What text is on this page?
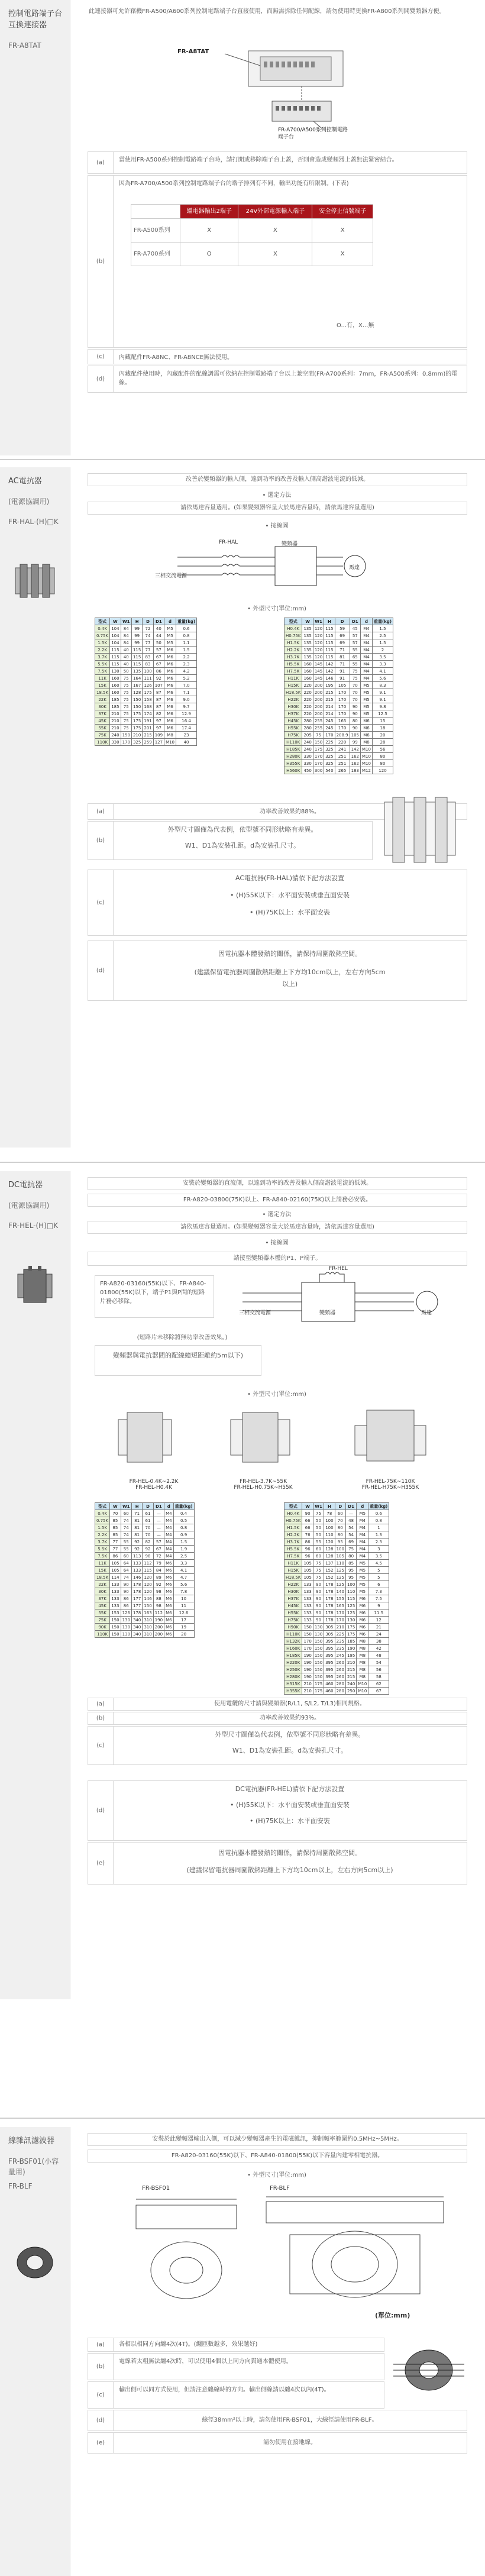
控制電路端子台互換連接器
FR-A8TAT
此連接器可允許藉機FR-A500/A600系列控制電路端子台直接使用，而無需拆除任何配線，請勿使用時更換FR-A800系列開變頻器方便。
FR-A8TAT
FR-A700/A500系列控制電路端子台
(a)	當使用FR-A500系列控制電路端子台時，請打開或移除端子台上蓋，否則會造成變頻器上蓋無法緊密結合。
(b)
因為FR-A700/A500系列控制電路端子台的端子排列有不同，輸出功能有所限制。(下表)
	繼電器輸出2端子	24V外部電源輸入端子	安全停止信號端子
FR-A500系列	X	X	X
FR-A700系列	O	X	X
O...有，X...無
(c)	內藏配件FR-A8NC、FR-A8NCE無法使用。
(d)
內藏配件使用時，內藏配件的配線調需可依納在控制電路端子台以上兼空間(FR-A700系列：7mm，FR-A500系列：0.8mm)的電線。
AC電抗器
(電源協調用)
FR-HAL-(H)□K
改善於變頻器的輸入側，達到功率的改善及輸入側高諧波電流的低減。
• 選定方法
請依馬達容量選用。(如果變頻器容量大於馬達容量時，請依馬達容量選用)
• 接線圖
三相交流電源
FR-HAL	變頻器
馬達
• 外型尺寸(單位:mm)
型式	W	W1	H	D	D1	d	重量(kg)
0.4K	104	84	99	72	40	M5	0.6
0.75K	104	84	99	74	44	M5	0.8
1.5K	104	84	99	77	50	M5	1.1
2.2K	115	40	115	77	57	M6	1.5
3.7K	115	40	115	83	67	M6	2.2
5.5K	115	40	115	83	67	M6	2.3
7.5K	130	50	135	100	86	M6	4.2
11K	160	75	164	111	92	M6	5.2
15K	160	75	167	126	107	M6	7.0
18.5K	160	75	128	175	87	M6	7.1
22K	185	75	150	158	87	M6	9.0
30K	185	75	150	168	87	M6	9.7
37K	210	75	175	174	82	M6	12.9
45K	210	75	175	191	97	M6	16.4
55K	210	75	175	201	97	M6	17.4
75K	240	150	210	215	109	M8	23
110K	330	170	325	259	127	M10	40
型式	W	W1	H	D	D1	d	重量(kg)
H0.4K	135	120	115	59	45	M4	1.5
H0.75K	135	120	115	69	57	M4	2.5
H1.5K	135	120	115	69	57	M4	1.5
H2.2K	135	120	115	71	55	M4	2
H3.7K	135	120	115	81	65	M4	3.5
H5.5K	160	145	142	71	55	M4	3.3
H7.5K	160	145	142	91	75	M4	4.1
H11K	160	145	146	91	75	M4	5.6
H15K	220	200	195	105	70	M5	8.3
H18.5K	220	200	215	170	70	M5	9.1
H22K	220	200	215	170	70	M5	9.1
H30K	220	200	214	170	90	M5	9.8
H37K	220	200	214	170	90	M5	12.5
H45K	280	255	245	165	80	M6	15
H55K	280	255	245	170	90	M6	18
H75K	205	75	170	208.9	105	M6	20
H110K	240	150	225	220	99	M8	28
H185K	240	175	325	241	142	M10	56
H280K	330	170	325	251	162	M10	80
H355K	330	170	325	251	162	M10	80
H560K	450	300	540	265	183	M12	120
(a)	功率改善效果約88%。
(b)
外型尺寸圖僅為代表例，依型號不同形狀略有差異。
W1、D1為安裝孔距。d為安裝孔尺寸。
(c)
AC電抗器(FR-HAL)請依下記方法設置
• (H)55K以下：水平面安裝或垂直面安裝
• (H)75K以上：水平面安裝
(d)
因電抗器本體發熱的關係，請保持周圍散熱空間。
(建議保留電抗器周圍散熱距離上下方均10cm以上，左右方向5cm以上)
DC電抗器
(電源協調用)
FR-HEL-(H)□K
安裝於變頻器的直流側，以達到功率的改善及輸入側高諧波電流的低減。
FR-A820-03800(75K)以上、FR-A840-02160(75K)以上請務必安裝。
• 選定方法
請依馬達容量選用。(如果變頻器容量大於馬達容量時，請依馬達容量選用)
• 接線圖
請接至變頻器本體的P1、P端子。
FR-A820-03160(55K)以下、FR-A840-01800(55K)以下，端子P1與P間的短路片務必移除。
三相交流電源
FR-HEL
變頻器	馬達
(短路片未移除將無功率改善效果。)
變頻器與電抗器間的配線總短距離約5m以下)
• 外型尺寸(單位:mm)
FR-HEL-0.4K~2.2K
FR-HEL-H0.4K
FR-HEL-3.7K~55K
FR-HEL-H0.75K~H55K
FR-HEL-75K~110K
FR-HEL-H75K~H355K
型式	W	W1	H	D	D1	d	重量(kg)
0.4K	70	60	71	61	—	M4	0.4
0.75K	85	74	81	61	—	M4	0.5
1.5K	85	74	81	70	—	M4	0.8
2.2K	85	74	81	70	—	M4	0.9
3.7K	77	55	92	82	57	M4	1.5
5.5K	77	55	92	92	67	M4	1.9
7.5K	86	60	113	98	72	M4	2.5
11K	105	64	133	112	79	M6	3.3
15K	105	64	133	115	84	M6	4.1
18.5K	114	74	146	120	89	M6	4.7
22K	133	90	178	120	92	M6	5.6
30K	133	90	178	120	98	M6	7.8
37K	133	86	177	146	88	M6	10
45K	133	86	177	150	98	M6	11
55K	153	126	178	163	112	M6	12.6
75K	150	130	340	310	190	M6	17
90K	150	130	340	310	200	M6	19
110K	150	130	340	310	200	M6	20
型式	W	W1	H	D	D1	d	重量(kg)
H0.4K	90	75	78	60	—	M5	0.6
H0.75K	66	50	100	70	48	M4	0.8
H1.5K	66	50	100	80	54	M4	1
H2.2K	76	50	110	80	54	M4	1.3
H3.7K	86	55	120	95	69	M4	2.3
H5.5K	96	60	128	100	75	M4	3
H7.5K	96	60	128	105	80	M4	3.5
H11K	105	75	137	110	85	M5	4.5
H15K	105	75	152	125	95	M5	5
H18.5K	105	75	152	125	95	M5	5
H22K	133	90	178	125	100	M5	6
H30K	133	90	178	140	110	M5	7.3
H37K	133	90	178	155	115	M6	7.5
H45K	133	90	178	165	125	M6	9
H55K	133	90	178	170	125	M6	11.5
H75K	133	90	178	170	130	M6	12
H90K	150	130	305	210	175	M6	21
H110K	150	130	305	225	175	M6	24
H132K	170	150	395	235	185	M8	38
H160K	170	150	395	235	190	M8	42
H185K	190	150	395	245	195	M8	48
H220K	190	150	395	260	210	M8	54
H250K	190	150	395	260	215	M8	56
H280K	190	150	395	260	215	M8	58
H315K	210	175	460	280	240	M10	62
H355K	210	175	460	280	250	M10	67
(a)	使用電纜的尺寸請與變頻器(R/L1, S/L2, T/L3)相同規格。
(b)	功率改善效果約93%。
(c)
外型尺寸圖僅為代表例，依型號不同形狀略有差異。
W1、D1為安裝孔距。d為安裝孔尺寸。
(d)
DC電抗器(FR-HEL)請依下記方法設置
• (H)55K以下：水平面安裝或垂直面安裝
• (H)75K以上：水平面安裝
(e)
因電抗器本體發熱的關係，請保持周圍散熱空間。
(建議保留電抗器周圍散熱距離上下方均10cm以上，左右方向5cm以上)
線雜訊濾波器
FR-BSF01(小容量用)
FR-BLF
安裝於此變頻器輸出入側，可以減少變頻器產生的電磁雜訊，抑制頻率範圍約0.5MHz~5MHz。
FR-A820-03160(55K)以下、FR-A840-01800(55K)以下容量內建零相電抗器。
• 外型尺寸(單位:mm)
FR-BSF01	FR-BLF
(單位:mm)
(a)	各相以相同方向纏4次(4T)。(纏匝數越多，效果越好)
(b)
電線若太粗無法纏4次時，可以使用4個以上同方向貫通本體使用。
(c)
輸出側可以同方式使用，但請注意纏線時的方向。輸出側線請以纏4次以內(4T)。
(d)	線徑38mm²以上時，請勿使用FR-BSF01，大線徑請使用FR-BLF。
(e)	請勿使用在接地線。
